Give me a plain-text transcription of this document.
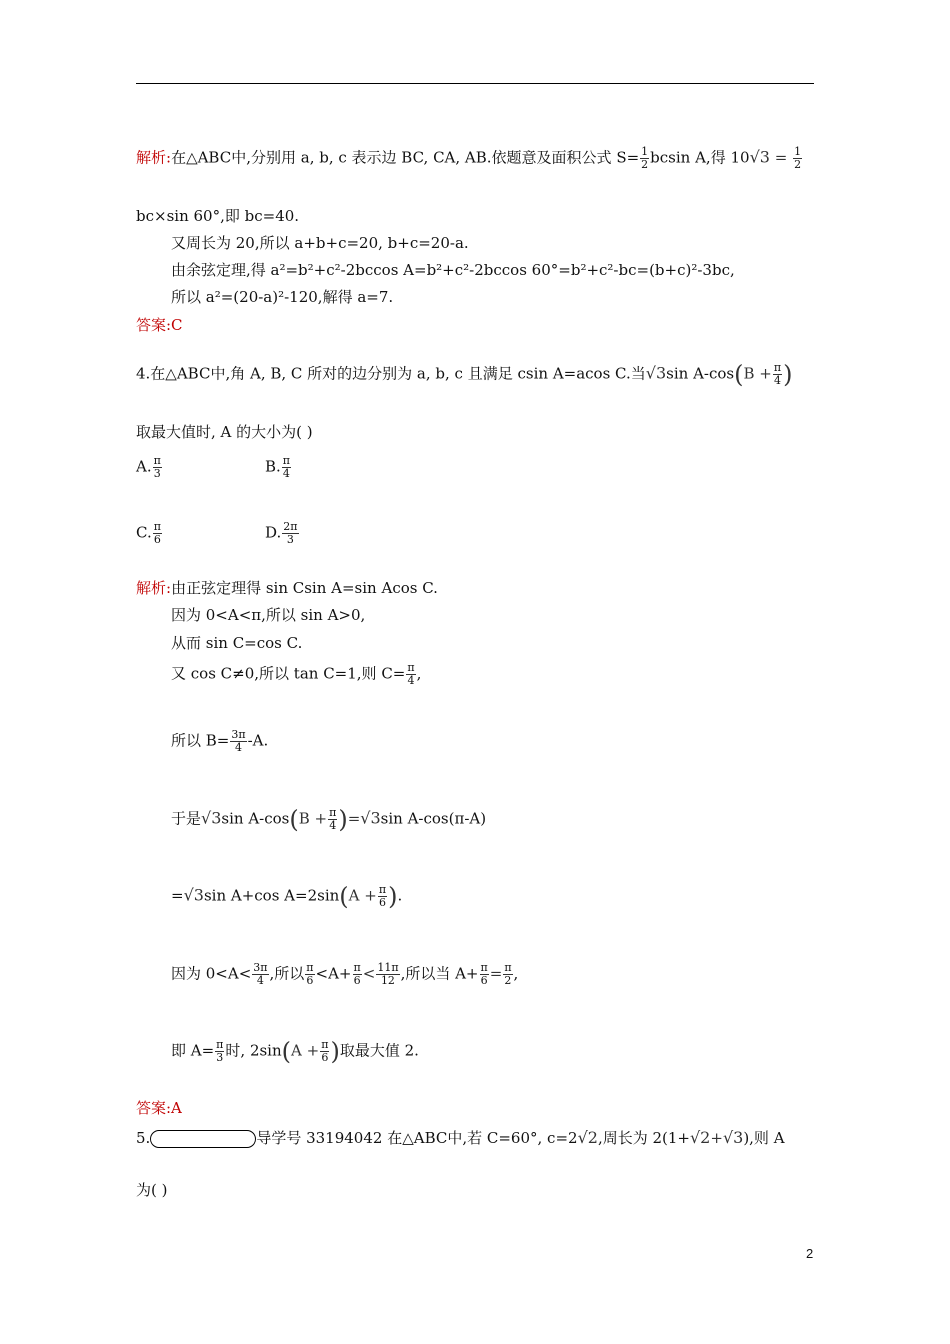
解析:在△ABC中,分别用 a, b, c 表示边 BC, CA, AB.依题意及面积公式 $S= \frac{1}{2}$ bcsin A,得 $10√3 = \frac{1}{2}$
bc×sin 60°,即 bc=40.
又周长为 20,所以 a+b+c=20, b+c=20-a.
由余弦定理,得 a²=b²+c²-2bccos A=b²+c²-2bccos 60°=b²+c²-bc=(b+c)²-3bc,
所以 a²=(20-a)²-120,解得 a=7.
答案:C
4.在△ABC中,角 A, B, C 所对的边分别为 a, b, c 且满足 csin A=acos C.当√3sin $A-\cos(B + \frac{\pi}{4}$ )
取最大值时, A 的大小为( )
A. $\frac{\pi}{3}$	B. $\frac{\pi}{4}$
C. $\frac{\pi}{6}$	D. $\frac{2\pi}{3}$
解析:由正弦定理得 sin Csin A=sin Acos C.
因为 0<A<π,所以 sin A>0,
从而 sin C=cos C.
又 cos C≠0,所以 tan C=1,则 $C= \frac{\pi}{4}$ ,
所以 $B= \frac{3\pi}{4} -A$.
于是√3sin $A-\cos(B + \frac{\pi}{4} )=√3\sin$ A-cos(π-A)
=√3sin A+cos $A=2\sin(A + \frac{\pi}{6}$ ).
因为 $0<A< \frac{3\pi}{4}$ ,所以 $\frac{\pi}{6} <A+ \frac{\pi}{6} < \frac{11\pi}{12}$ ,所以当 $A+ \frac{\pi}{6} = \frac{\pi}{2}$ ,
即 $A= \frac{\pi}{3}$ 时, $2\sin(A + \frac{\pi}{6}$ )取最大值 2.
答案:A
5.	导学号 33194042 在△ABC中,若 C=60°, c=2√2,周长为 2(1+√2+√3),则 A
为( )
2
